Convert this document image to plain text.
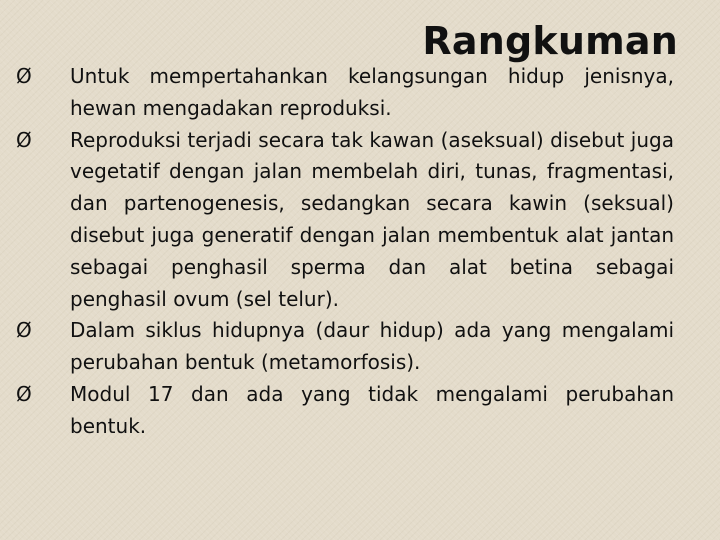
Rangkuman
Ø	Untuk mempertahankan kelangsungan hidup jenisnya, hewan mengadakan reproduksi.
Ø	Reproduksi terjadi secara tak kawan (aseksual) disebut juga vegetatif dengan jalan membelah diri, tunas, fragmentasi, dan partenogenesis, sedangkan secara kawin (seksual) disebut juga generatif dengan jalan membentuk alat jantan sebagai penghasil sperma dan alat betina sebagai penghasil ovum (sel telur).
Ø	Dalam siklus hidupnya (daur hidup) ada yang mengalami perubahan bentuk (metamorfosis).
Ø	Modul 17 dan ada yang tidak mengalami perubahan bentuk.
